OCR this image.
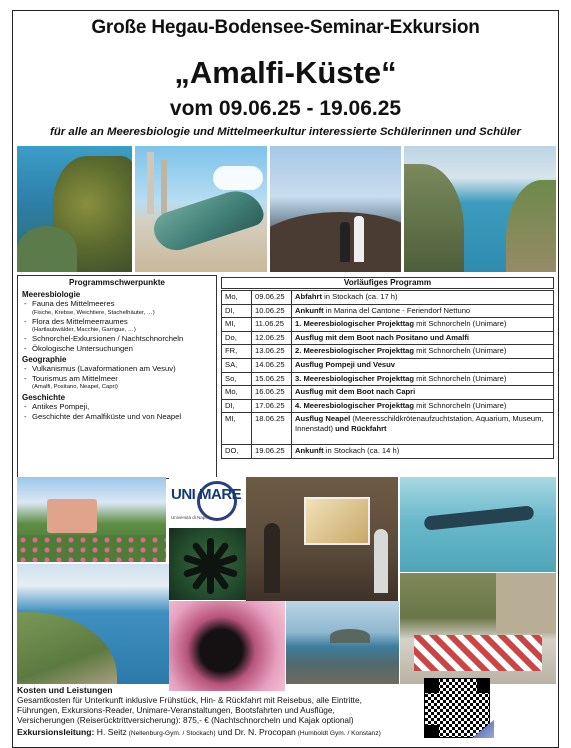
Große Hegau-Bodensee-Seminar-Exkursion
„Amalfi-Küste“
vom 09.06.25 - 19.06.25
für alle an Meeresbiologie und Mittelmeerkultur interessierte Schülerinnen und Schüler
Programmschwerpunkte
Meeresbiologie
- Fauna des Mittelmeeres
(Fische, Krebse, Weichtiere, Stachelhäuter, …)
- Flora des Mittelmeerraumes
(Hartlaubwälder, Macchie, Garrigue, …)
- Schnorchel-Exkursionen / Nachtschnorcheln
- Ökologische Untersuchungen
Geographie
- Vulkanismus (Lavaformationen am Vesuv)
- Tourismus am Mittelmeer
(Amalfi, Positano, Neapel, Capri)
Geschichte
- Antikes Pompeji,
- Geschichte der Amalfiküste und von Neapel
Vorläufiges Programm
Mo,	09.06.25	Abfahrt in Stockach (ca. 17 h)
DI,	10.06.25	Ankunft in Marina del Cantone - Feriendorf Nettuno
MI,	11.06.25	1. Meeresbiologischer Projekttag mit Schnorcheln (Unimare)
Do,	12.06.25	Ausflug mit dem Boot nach Positano und Amalfi
FR,	13.06.25	2. Meeresbiologischer Projekttag mit Schnorcheln (Unimare)
SA,	14.06.25	Ausflug Pompeji und Vesuv
So,	15.06.25	3. Meeresbiologischer Projekttag mit Schnorcheln (Unimare)
Mo,	16.06.25	Ausflug mit dem Boot nach Capri
DI,	17.06.25	4. Meeresbiologischer Projekttag mit Schnorcheln (Unimare)
MI,	18.06.25	Ausflug Neapel (Meeresschildkrötenaufzuchtstation, Aquarium, Museum, Innenstadt) und Rückfahrt
DO,	19.06.25	Ankunft in Stockach (ca. 14 h)
UNI MARE
Università di Napoli
Kosten und Leistungen
Gesamtkosten für Unterkunft inklusive Frühstück, Hin- & Rückfahrt mit Reisebus, alle Eintritte,
Führungen, Exkursions-Reader, Unimare-Veranstaltungen, Bootsfahrten und Ausflüge,
Versicherungen (Reiserücktrittversicherung): 875,- € (Nachtschnorcheln und Kajak optional)
Exkursionsleitung: H. Seitz (Nellenburg-Gym. / Stockach) und Dr. N. Procopan (Humboldt Gym. / Konstanz)
